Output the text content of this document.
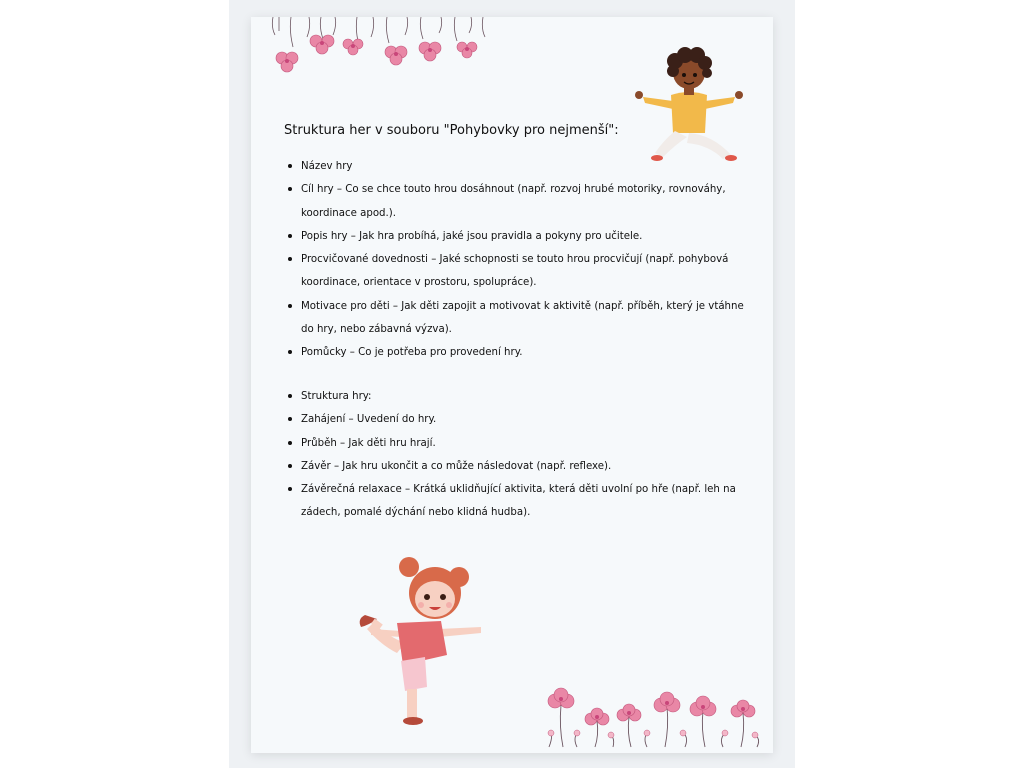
Struktura her v souboru "Pohybovky pro nejmenší":
Název hry
Cíl hry – Co se chce touto hrou dosáhnout (např. rozvoj hrubé motoriky, rovnováhy, koordinace apod.).
Popis hry – Jak hra probíhá, jaké jsou pravidla a pokyny pro učitele.
Procvičované dovednosti – Jaké schopnosti se touto hrou procvičují (např. pohybová koordinace, orientace v prostoru, spolupráce).
Motivace pro děti – Jak děti zapojit a motivovat k aktivitě (např. příběh, který je vtáhne do hry, nebo zábavná výzva).
Pomůcky – Co je potřeba pro provedení hry.
Struktura hry:
Zahájení – Uvedení do hry.
Průběh – Jak děti hru hrají.
Závěr – Jak hru ukončit a co může následovat (např. reflexe).
Závěrečná relaxace – Krátká uklidňující aktivita, která děti uvolní po hře (např. leh na zádech, pomalé dýchání nebo klidná hudba).
